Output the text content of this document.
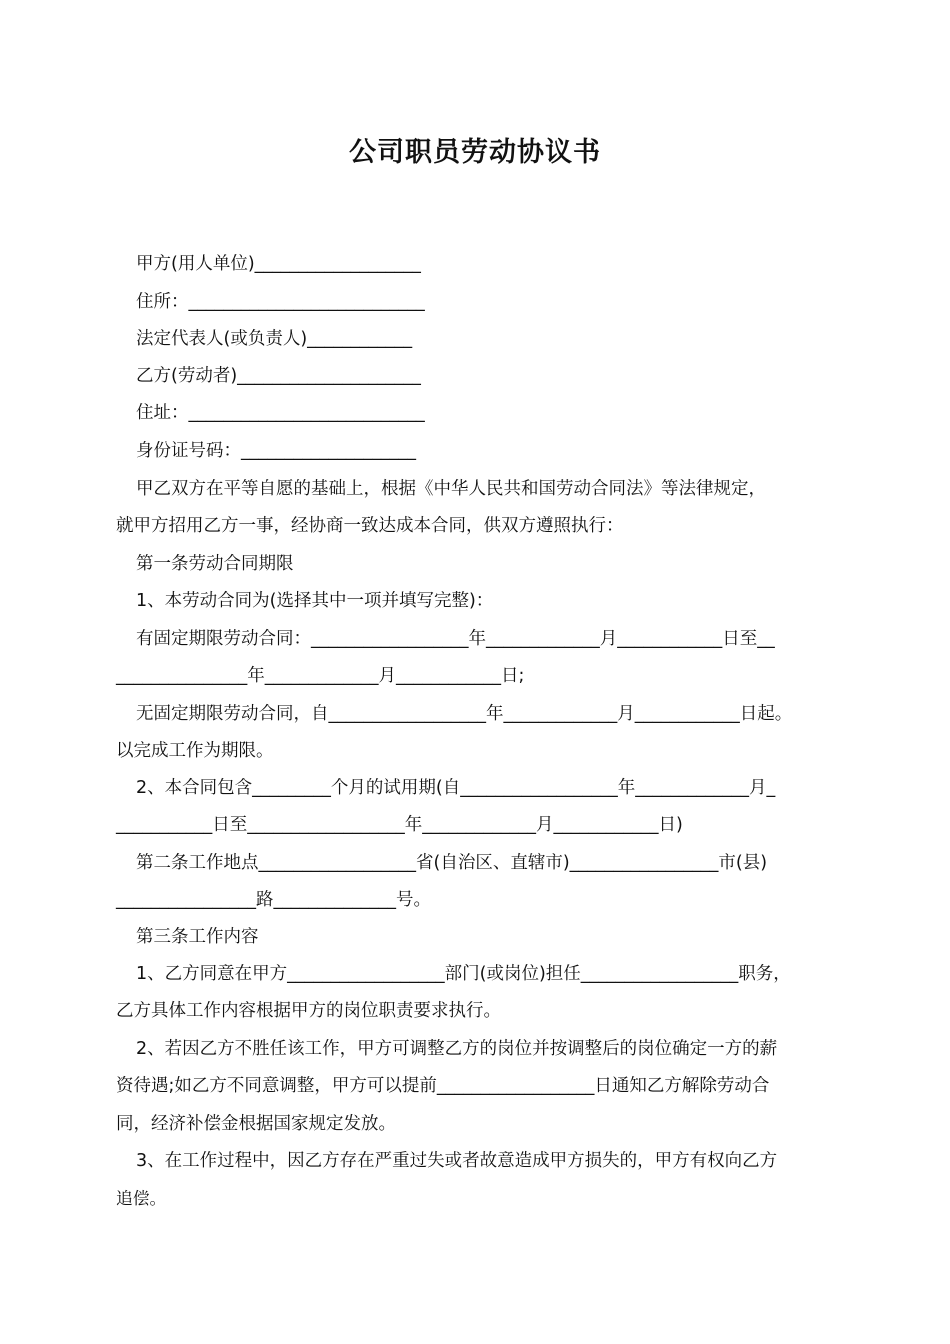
公司职员劳动协议书
甲方(用人单位)___________________
住所：___________________________
法定代表人(或负责人)____________
乙方(劳动者)_____________________
住址：___________________________
身份证号码：____________________
甲乙双方在平等自愿的基础上，根据《中华人民共和国劳动合同法》等法律规定，
就甲方招用乙方一事，经协商一致达成本合同，供双方遵照执行：
第一条劳动合同期限
1、本劳动合同为(选择其中一项并填写完整)：
有固定期限劳动合同：__________________年_____________月____________日至__
_______________年_____________月____________日;
无固定期限劳动合同，自__________________年_____________月____________日起。
以完成工作为期限。
2、本合同包含_________个月的试用期(自__________________年_____________月_
___________日至__________________年_____________月____________日)
第二条工作地点__________________省(自治区、直辖市)_________________市(县)
________________路______________号。
第三条工作内容
1、乙方同意在甲方__________________部门(或岗位)担任__________________职务，
乙方具体工作内容根据甲方的岗位职责要求执行。
2、若因乙方不胜任该工作，甲方可调整乙方的岗位并按调整后的岗位确定一方的薪
资待遇;如乙方不同意调整，甲方可以提前__________________日通知乙方解除劳动合
同，经济补偿金根据国家规定发放。
3、在工作过程中，因乙方存在严重过失或者故意造成甲方损失的，甲方有权向乙方
追偿。
